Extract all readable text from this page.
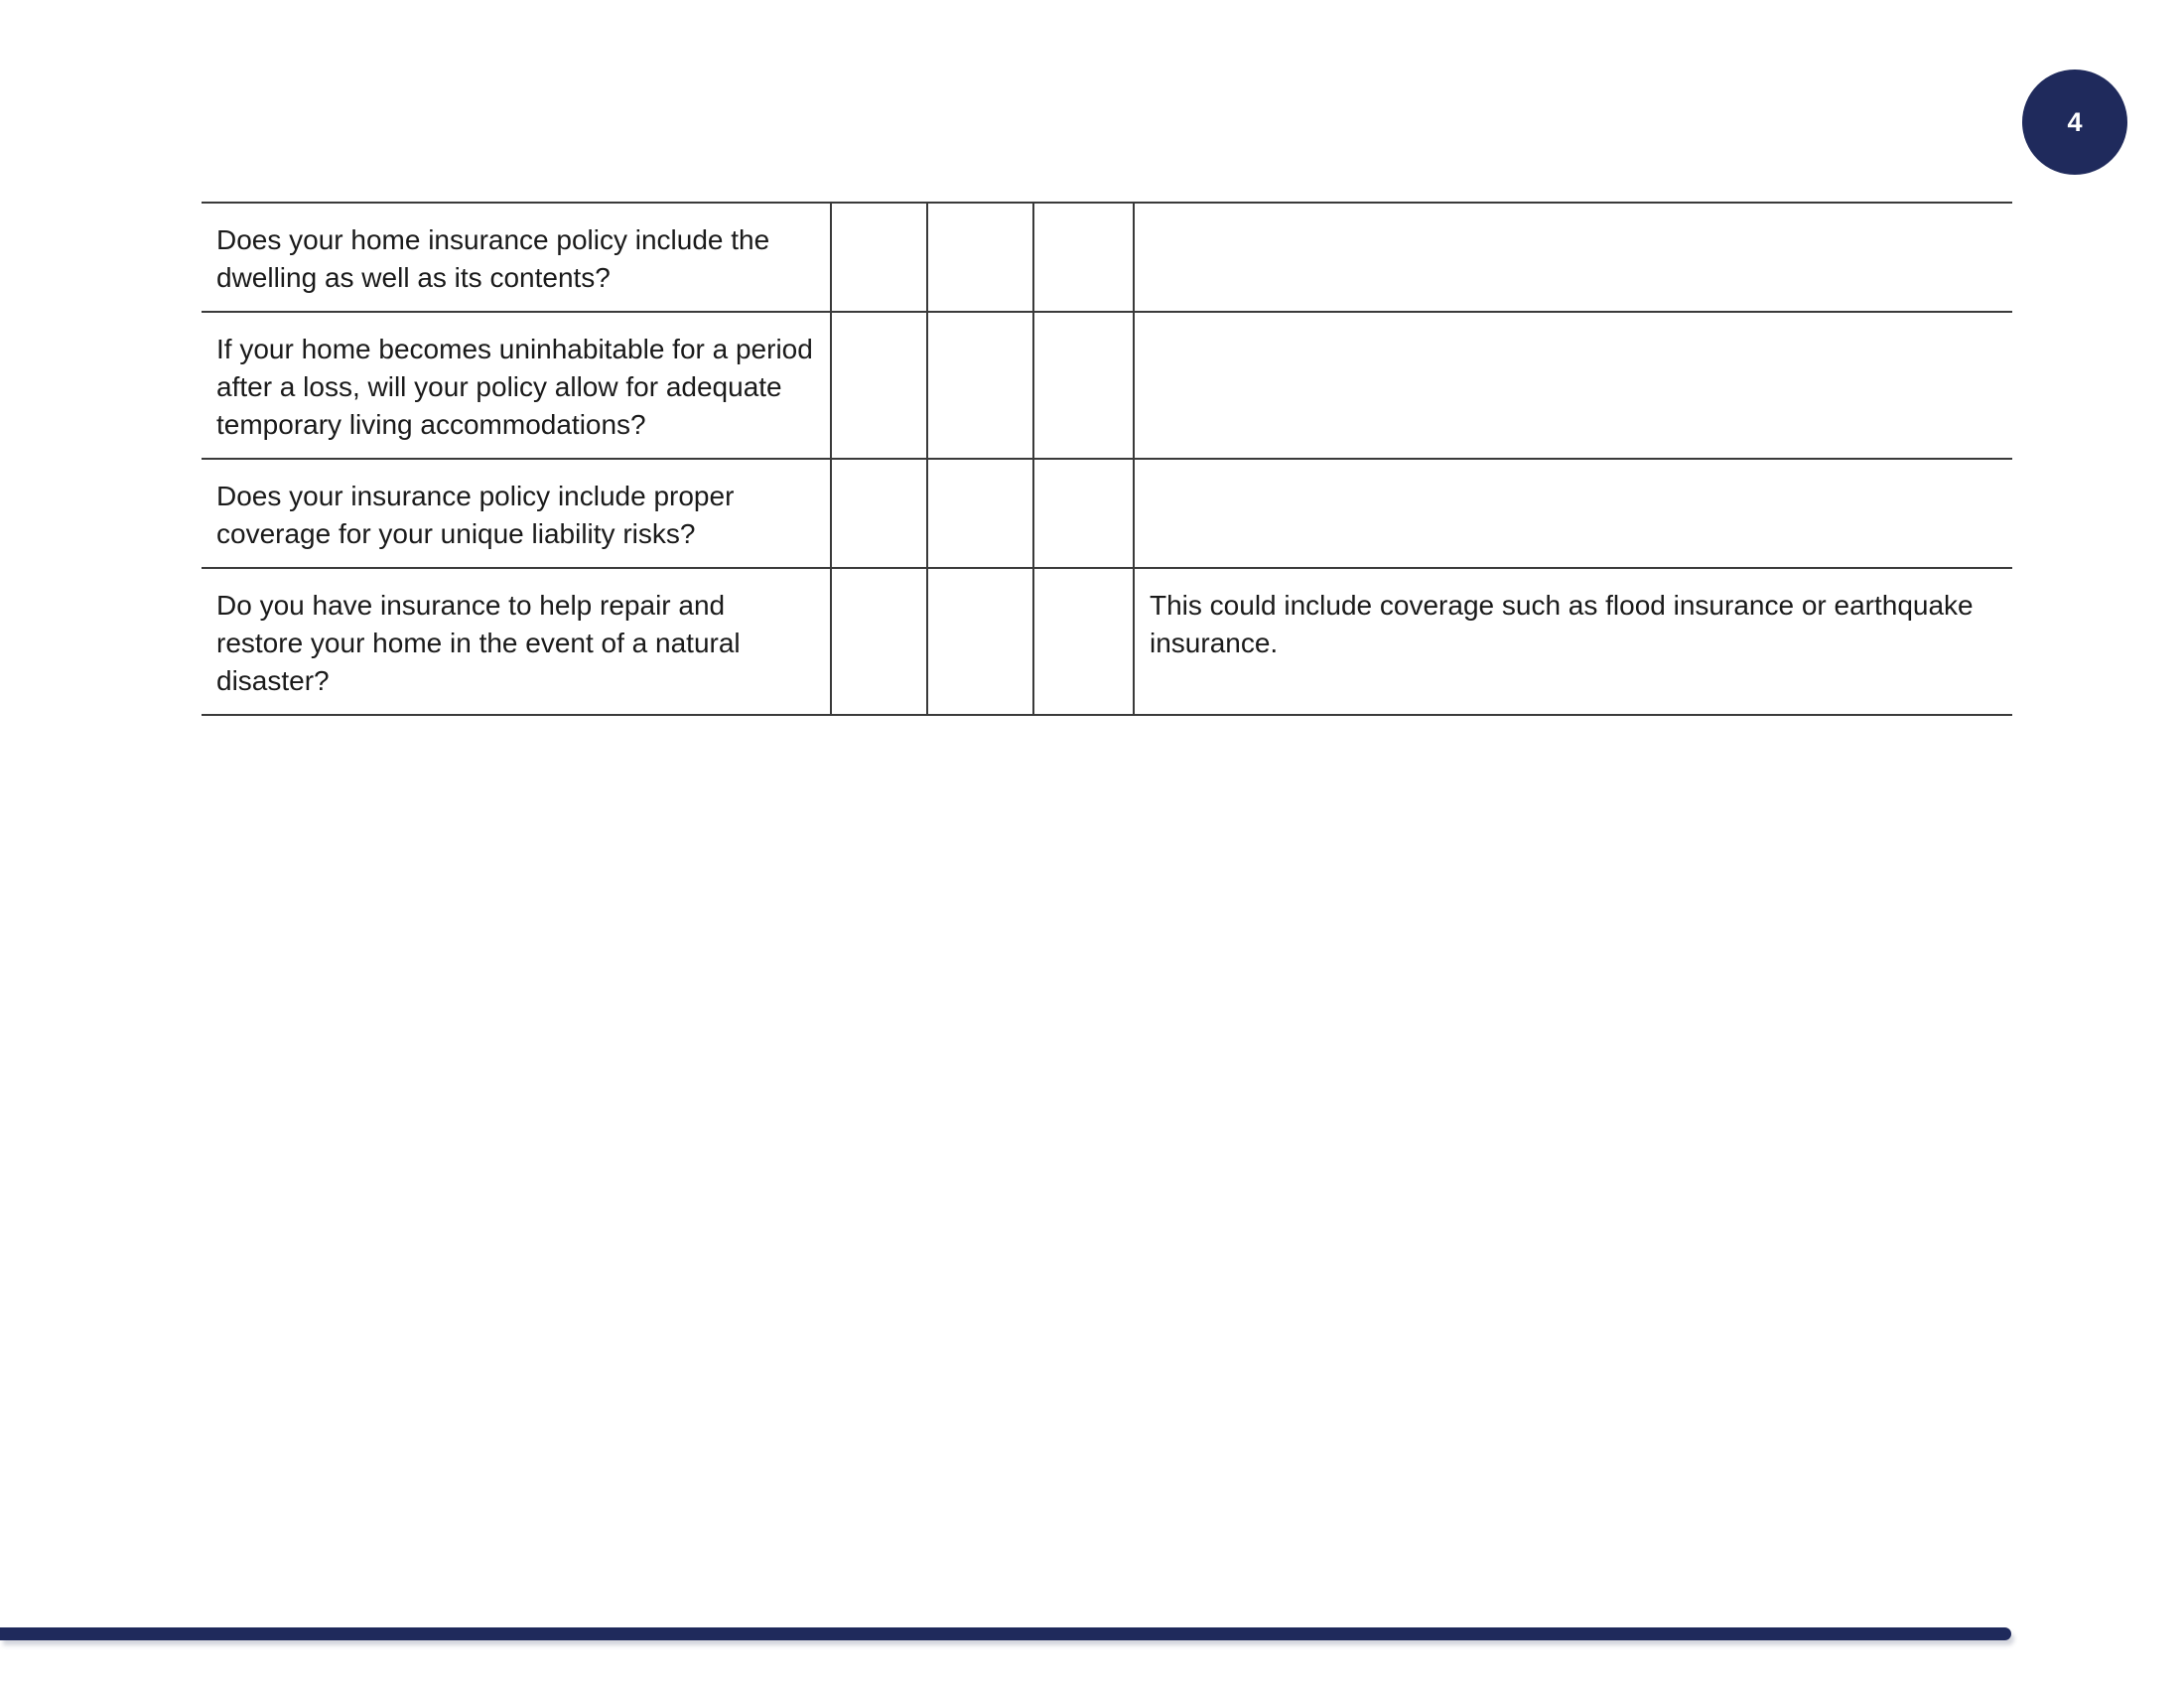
4
Does your home insurance policy include the dwelling as well as its contents?				
If your home becomes uninhabitable for a period after a loss, will your policy allow for adequate temporary living accommodations?				
Does your insurance policy include proper coverage for your unique liability risks?				
Do you have insurance to help repair and restore your home in the event of a natural disaster?				This could include coverage such as flood insurance or earthquake insurance.
